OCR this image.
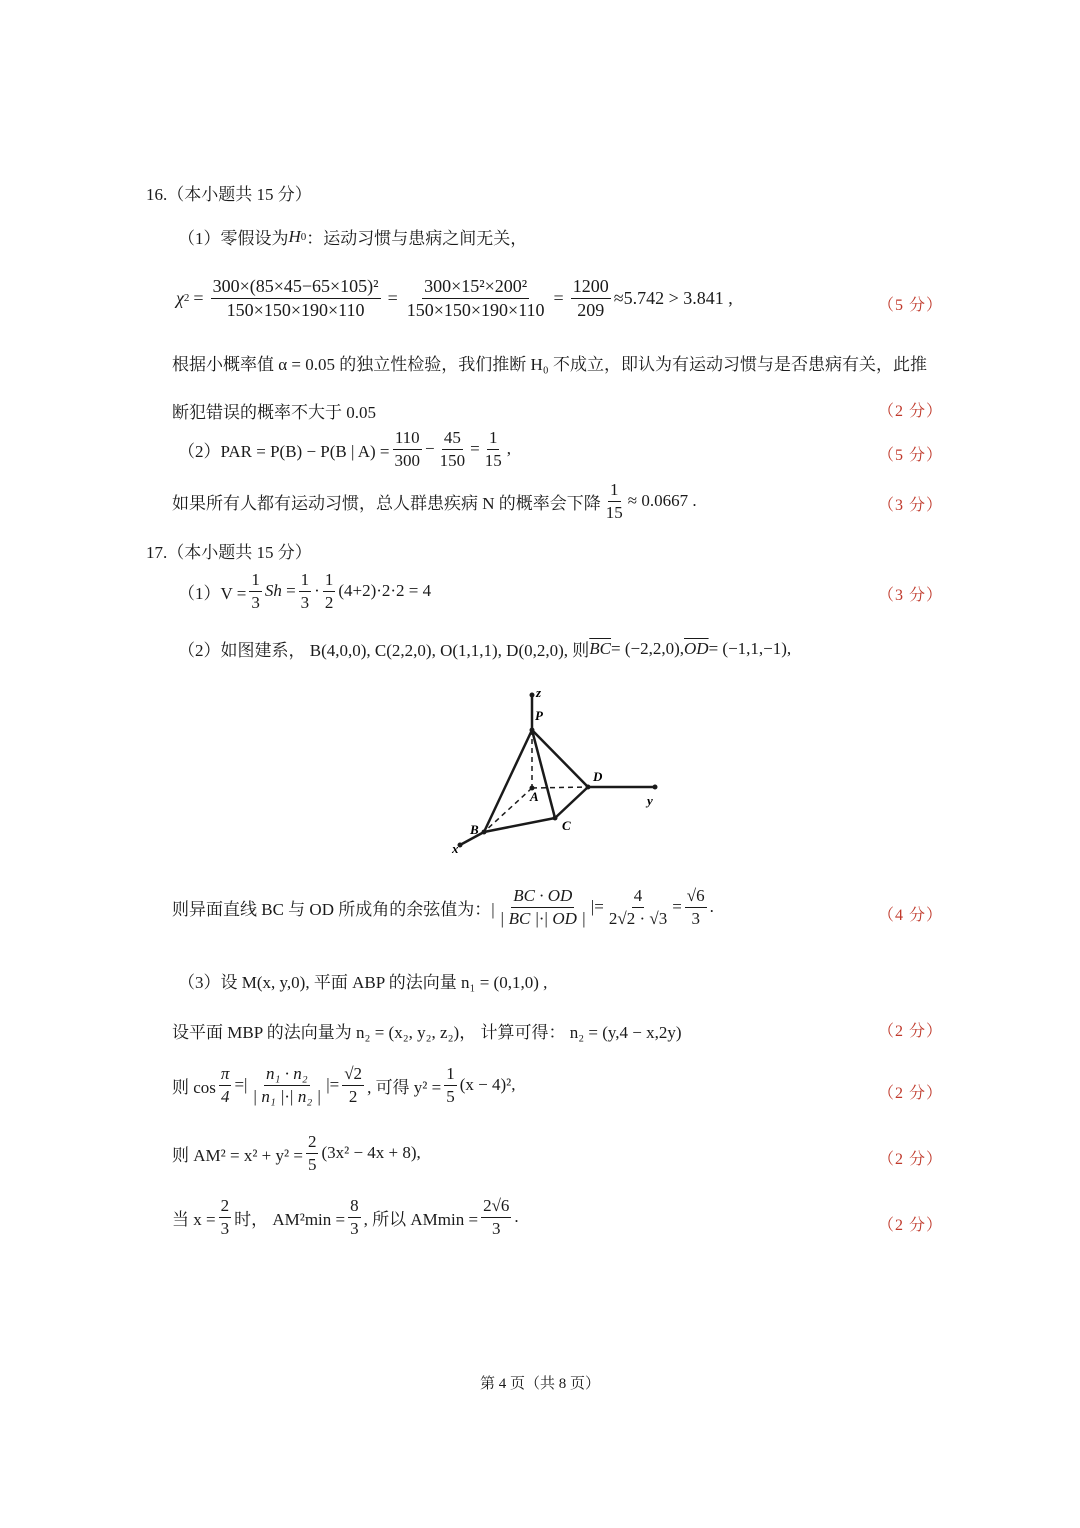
16.（本小题共 15 分）
（1）零假设为 H 0 ：运动习惯与患病之间无关，
χ $2 = \frac{\text{300×(85×45−65×105)²}}{150\times 150\times 190\times 110} = \frac{\text{300×15²×200²}}{150\times 150\times 190\times 110} = \frac{1200}{209} \approx 5.742 > 3.841$ ,	（5 分）
根据小概率值 α = 0.05 的独立性检验，我们推断 H₀ 不成立，即认为有运动习惯与是否患病有关，此推
断犯错误的概率不大于 0.05	（2 分）
（2）PAR = P(B) − P(B | $A) = \frac{110}{300} - \frac{45}{150} = \frac{1}{15}$ ,	（5 分）
如果所有人都有运动习惯，总人群患疾病 N 的概率会下降 $\frac{1}{15} \approx 0.0667$ .	（3 分）
17.（本小题共 15 分）
$(1)V = \frac{1}{3}$ $Sh = \frac{1}{3} \cdot \frac{1}{2} (4+2)\cdot 2\cdot 2 = 4$	（3 分）
（2）如图建系， B(4,0,0), C(2,2,0), O(1,1,1), D(0,2,0), 则 $\overline{BC} = (-2,2,0)$, $\overline{OD} = (-1,1,-1)$,
z
P
D
y
A
C
B
x
则异面直线 BC 与 OD 所成角的余弦值为：| $\frac{BC \cdot OD}{| BC |\cdot| OD |}$ |= $\frac{4}{2√2 \cdot √3} = \frac{√6}{3}$ .	（4 分）
（3）设 M(x, y,0), 平面 ABP 的法向量 n₁ = (0,1,0) ,
设平面 MBP 的法向量为 n₂ = (x₂, y₂, z₂)， 计算可得： n₂ = (y,4 − x,2y)	（2 分）
则 $\cos \frac{\pi}{4}$ =| $\frac{\text{n₁ · n₂}}{\text{| n₁ |·| n₂ |}}$ |= $\frac{√2}{2}$ , 可得 $y^2 = \frac{1}{5} (x - 4)^2$,	（2 分）
则 $AM^2 = x^2 + y^2 = \frac{2}{5} (3x^2 - 4x + 8)$,	（2 分）
当 $x = \frac{2}{3}$ 时， $AM^2\min = \frac{8}{3}$ , 所以 $AMmin = \frac{2√6}{3}$ .	（2 分）
第 4 页（共 8 页）
